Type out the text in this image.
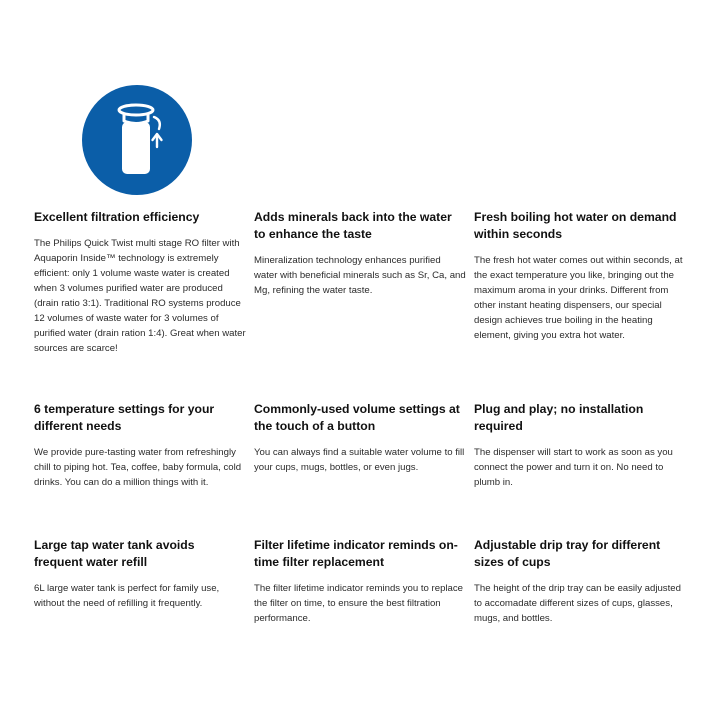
Excellent filtration efficiency

The Philips Quick Twist multi stage RO filter with Aquaporin Inside™ technology is extremely efficient: only 1 volume waste water is created when 3 volumes purified water are produced (drain ratio 3:1). Traditional RO systems produce 12 volumes of waste water for 3 volumes of purified water (drain ration 1:4). Great when water sources are scarce!

Adds minerals back into the water to enhance the taste

Mineralization technology enhances purified water with beneficial minerals such as Sr, Ca, and Mg, refining the water taste.

Fresh boiling hot water on demand within seconds

The fresh hot water comes out within seconds, at the exact temperature you like, bringing out the maximum aroma in your drinks. Different from other instant heating dispensers, our special design achieves true boiling in the heating element, giving you extra hot water.

6 temperature settings for your different needs

We provide pure-tasting water from refreshingly chill to piping hot. Tea, coffee, baby formula, cold drinks. You can do a million things with it.

Commonly-used volume settings at the touch of a button

You can always find a suitable water volume to fill your cups, mugs, bottles, or even jugs.

Plug and play; no installation required

The dispenser will start to work as soon as you connect the power and turn it on. No need to plumb in.

Large tap water tank avoids frequent water refill

6L large water tank is perfect for family use, without the need of refilling it frequently.

Filter lifetime indicator reminds on-time filter replacement

The filter lifetime indicator reminds you to replace the filter on time, to ensure the best filtration performance.

Adjustable drip tray for different sizes of cups

The height of the drip tray can be easily adjusted to accomadate different sizes of cups, glasses, mugs, and bottles.
